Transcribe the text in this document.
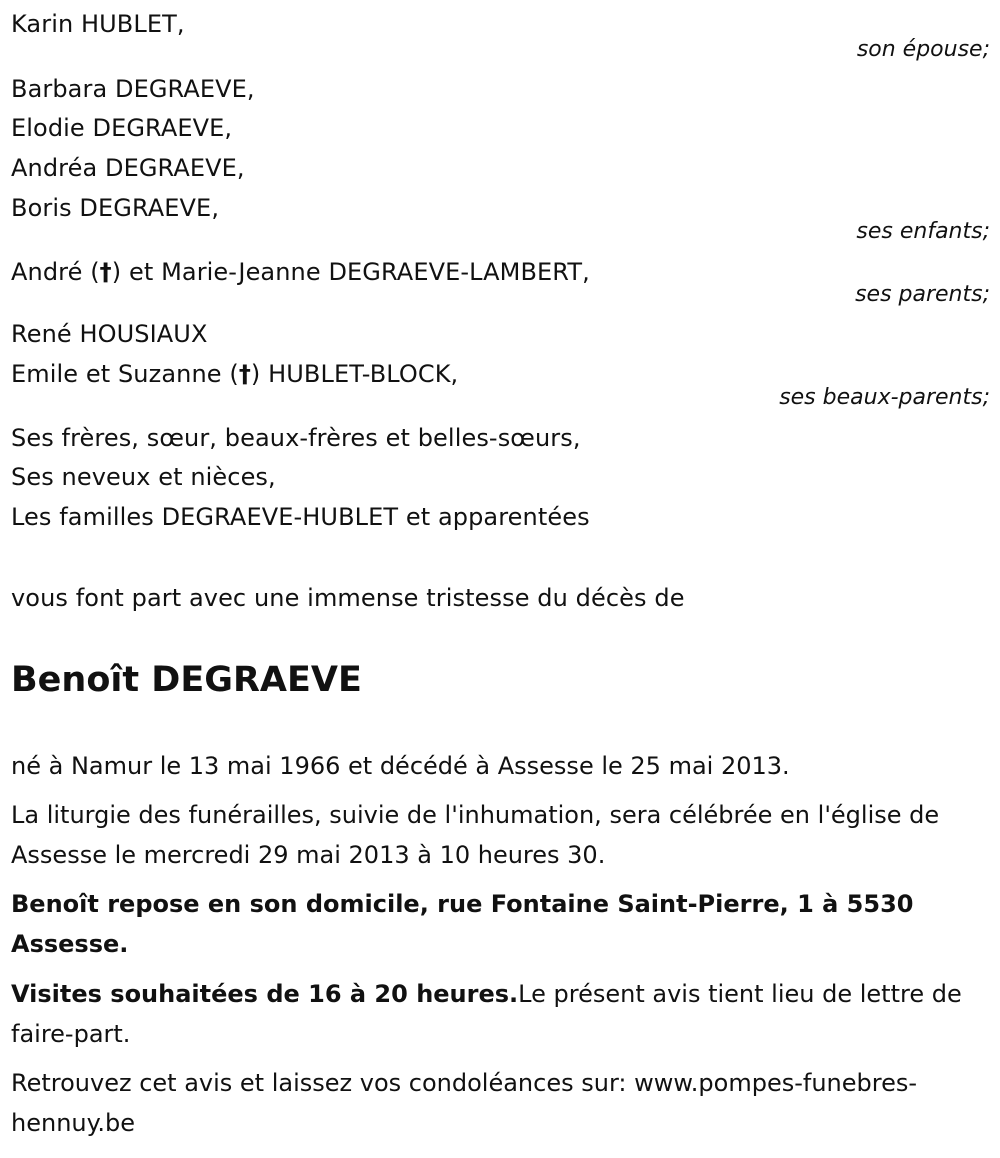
Karin HUBLET,
son épouse;
Barbara DEGRAEVE,
Elodie DEGRAEVE,
Andréa DEGRAEVE,
Boris DEGRAEVE,
ses enfants;
André (†) et Marie-Jeanne DEGRAEVE-LAMBERT,
ses parents;
René HOUSIAUX
Emile et Suzanne (†) HUBLET-BLOCK,
ses beaux-parents;
Ses frères, sœur, beaux-frères et belles-sœurs,
Ses neveux et nièces,
Les familles DEGRAEVE-HUBLET et apparentées
vous font part avec une immense tristesse du décès de
Benoît DEGRAEVE
né à Namur le 13 mai 1966 et décédé à Assesse le 25 mai 2013.
La liturgie des funérailles, suivie de l'inhumation, sera célébrée en l'église de Assesse le mercredi 29 mai 2013 à 10 heures 30.
Benoît repose en son domicile, rue Fontaine Saint-Pierre, 1 à 5530 Assesse.
Visites souhaitées de 16 à 20 heures.Le présent avis tient lieu de lettre de faire-part.
Retrouvez cet avis et laissez vos condoléances sur: www.pompes-funebres-hennuy.be
